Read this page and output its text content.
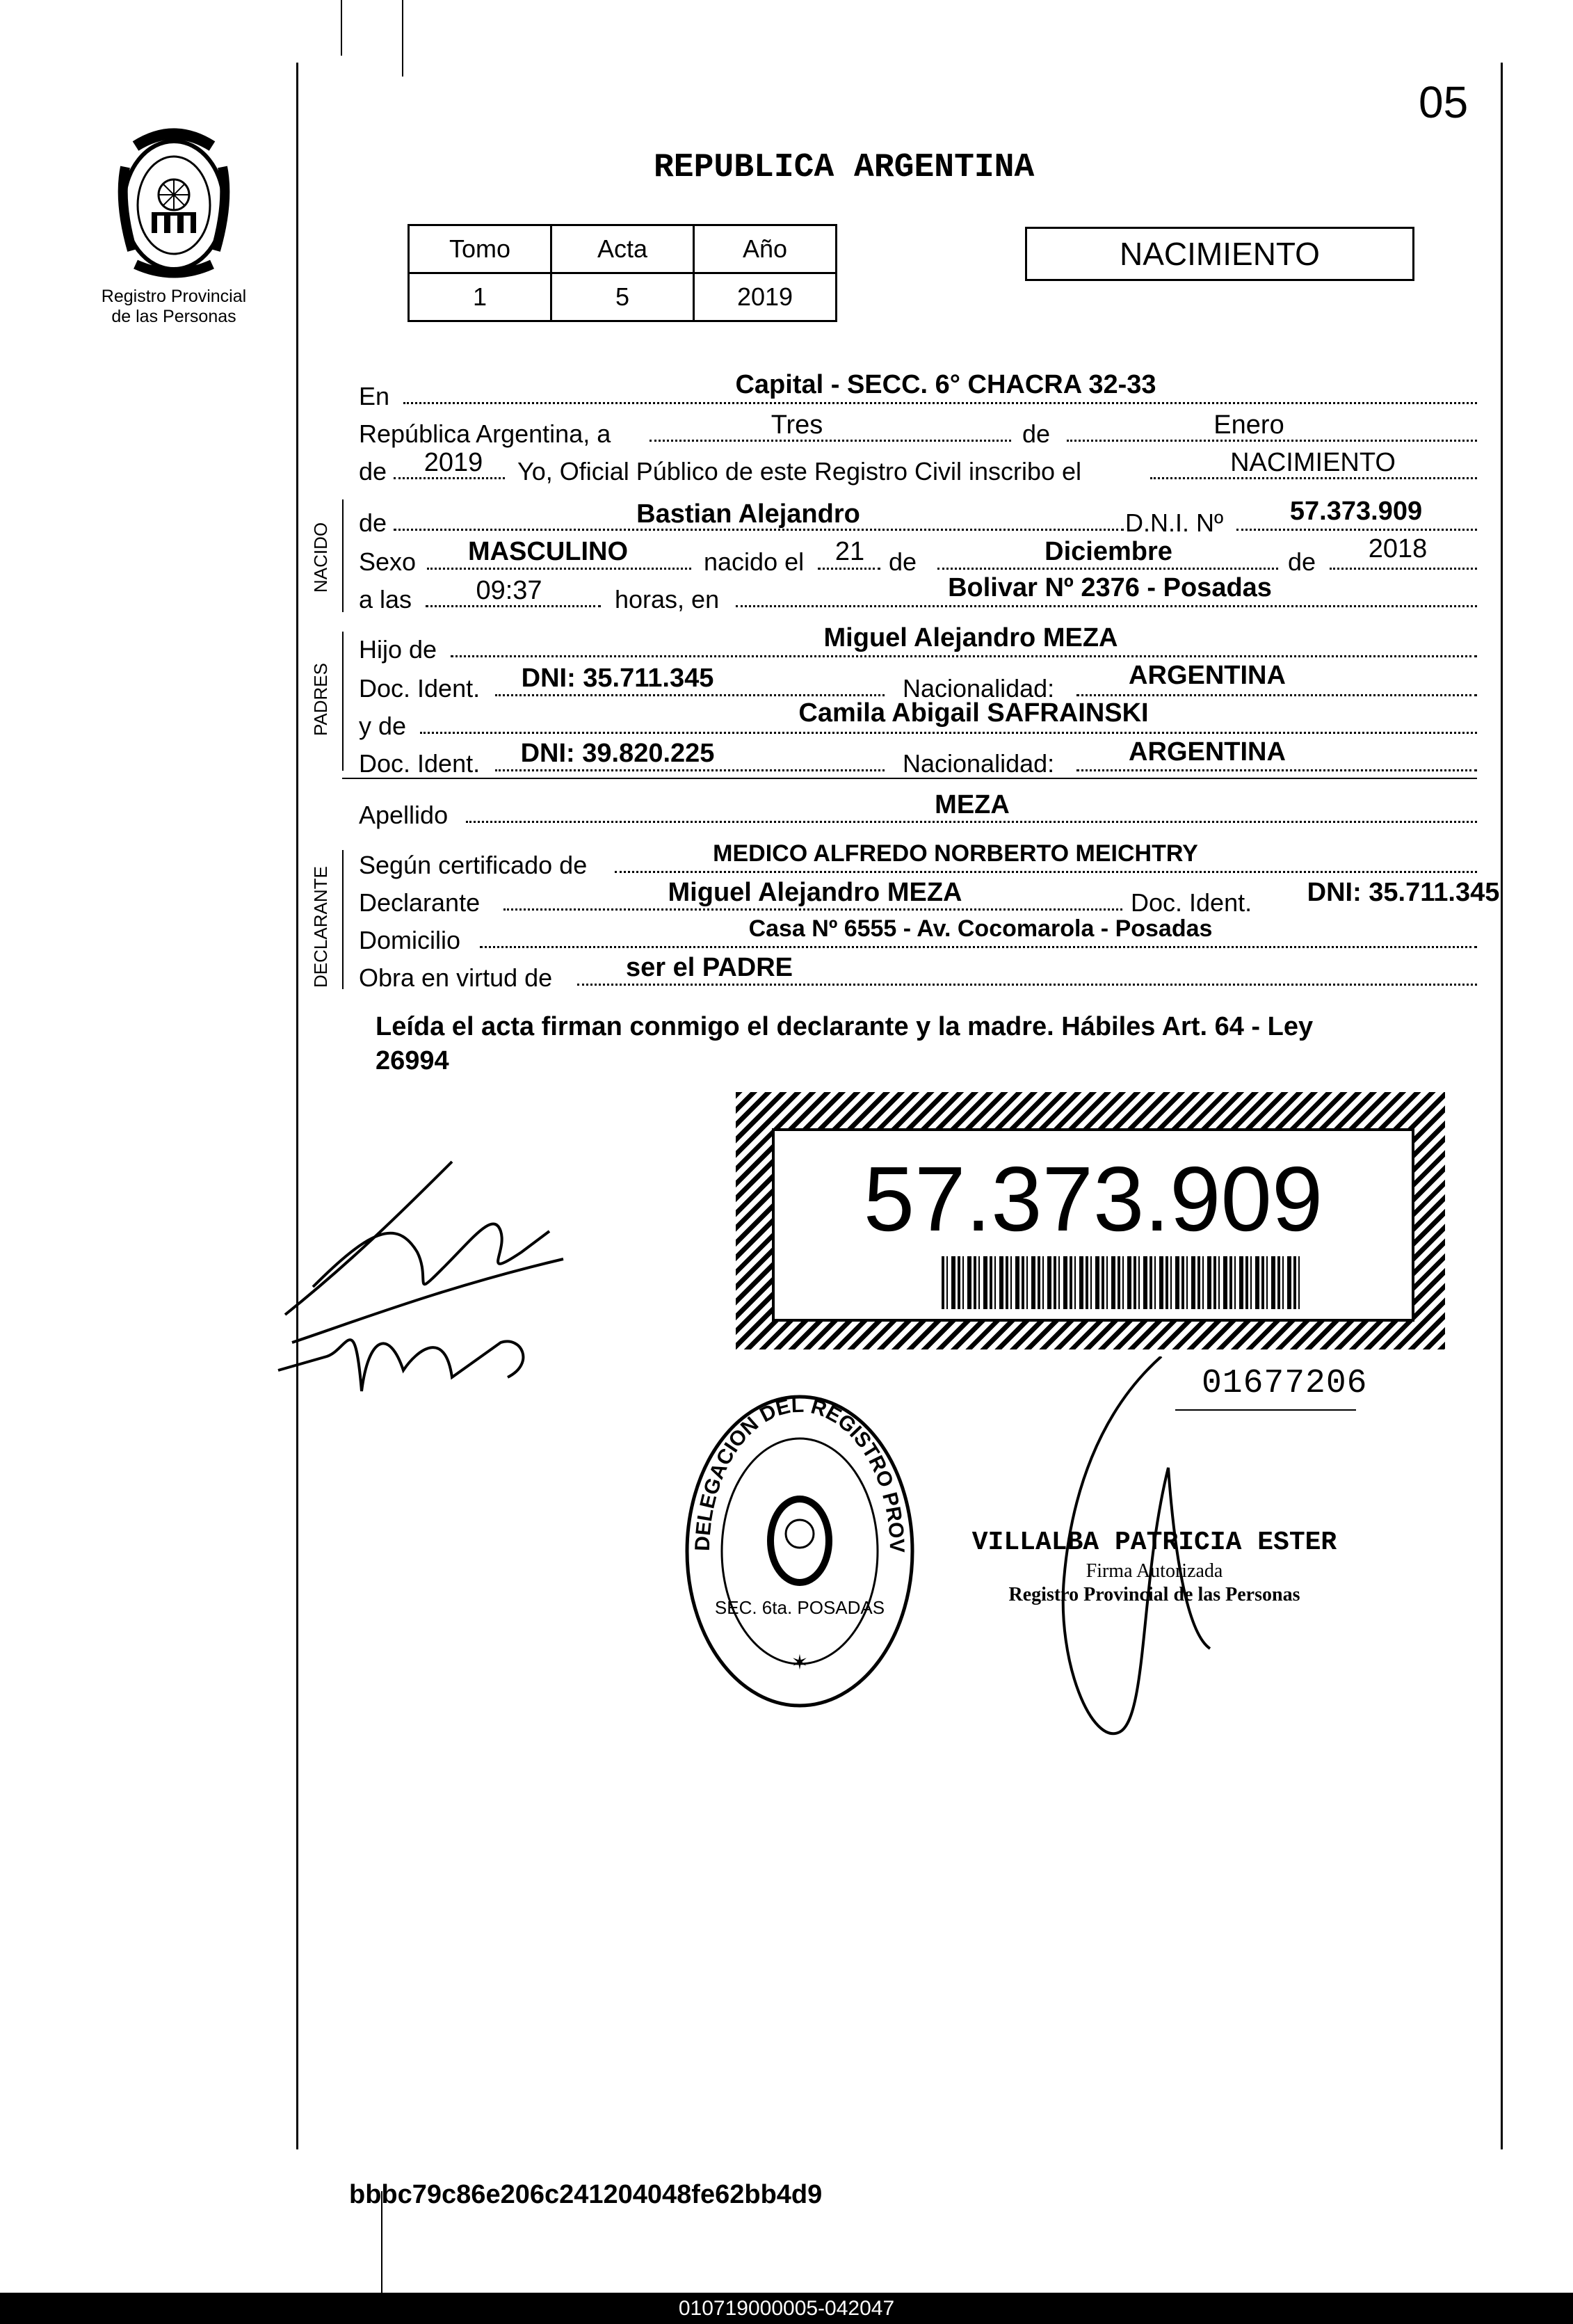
05
Registro Provincial
de las Personas
REPUBLICA ARGENTINA
Tomo	Acta	Año
1	5	2019
NACIMIENTO
NACIDO
PADRES
DECLARANTE
En	Capital - SECC. 6° CHACRA 32-33
República Argentina, a	Tres	de	Enero
de 2019 Yo, Oficial Público de este Registro Civil inscribo el	NACIMIENTO
de	Bastian Alejandro	D.N.I. Nº	57.373.909
Sexo MASCULINO	nacido el 21 de	Diciembre	de 2018
a las 09:37	horas, en	Bolivar Nº 2376 - Posadas
Hijo de	Miguel Alejandro MEZA
Doc. Ident. DNI: 35.711.345	Nacionalidad:	ARGENTINA
y de	Camila Abigail SAFRAINSKI
Doc. Ident. DNI: 39.820.225	Nacionalidad:	ARGENTINA
Apellido	MEZA
Según certificado de	MEDICO ALFREDO NORBERTO MEICHTRY
Declarante	Miguel Alejandro MEZA	Doc. Ident. DNI: 35.711.345
Domicilio	Casa Nº 6555 - Av. Cocomarola - Posadas
Obra en virtud de	ser el PADRE
Leída el acta firman conmigo el declarante y la madre. Hábiles Art. 64 - Ley
26994
57.373.909
01677206
DELEGACION DEL REGISTRO PROV
SEC. 6ta. POSADAS
✶
VILLALBA PATRICIA ESTER
Firma Autorizada
Registro Provincial de las Personas
bbbc79c86e206c241204048fe62bb4d9
010719000005-042047
